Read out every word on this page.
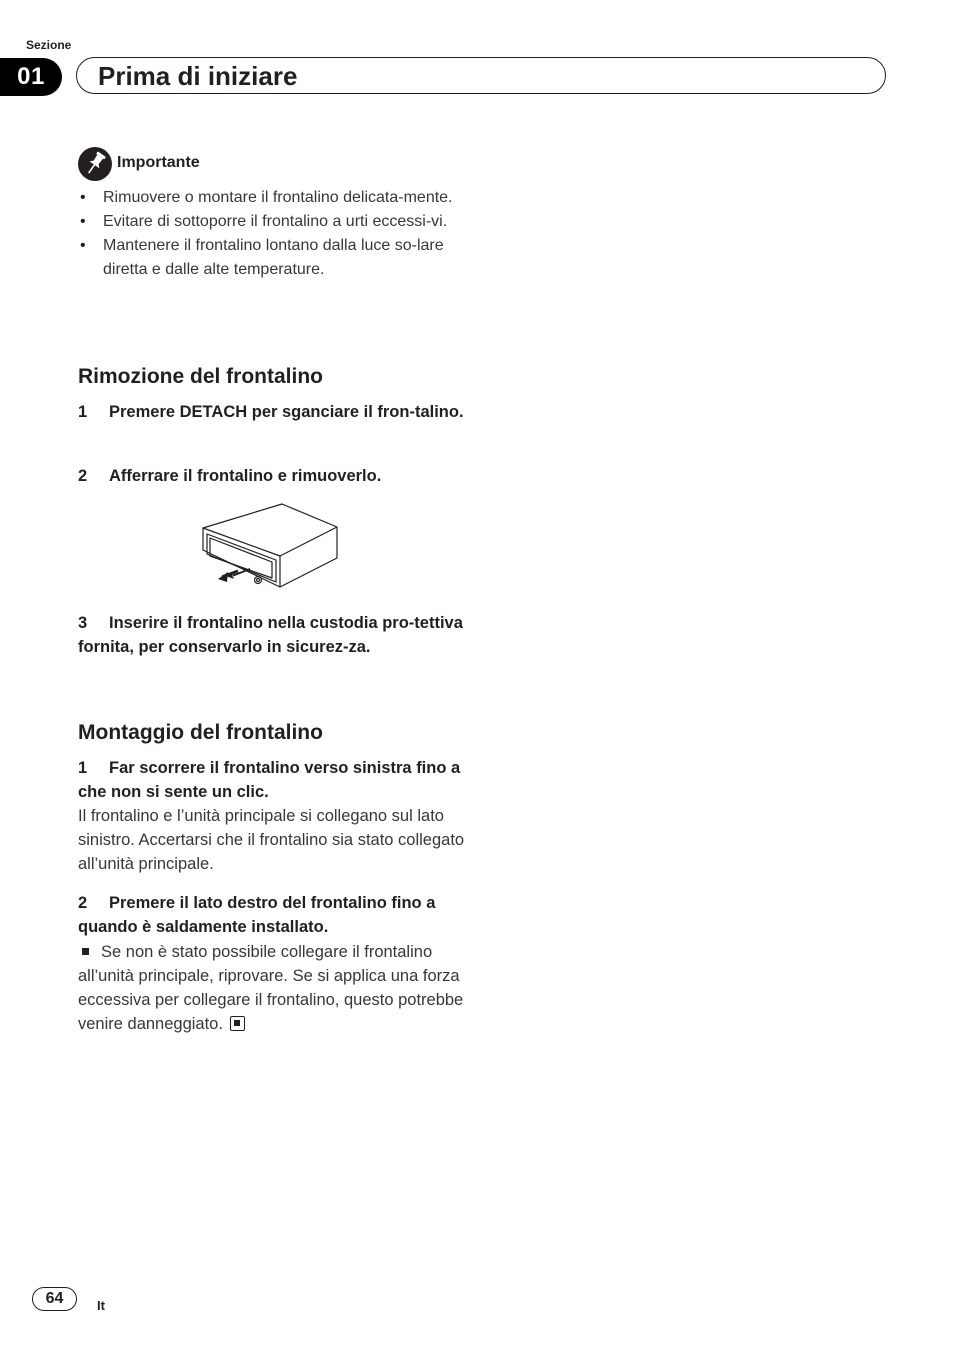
Sezione
01	Prima di iniziare
Importante
• Rimuovere o montare il frontalino delicata-mente.
• Evitare di sottoporre il frontalino a urti eccessi-vi.
• Mantenere il frontalino lontano dalla luce so-lare diretta e dalle alte temperature.
Rimozione del frontalino
1 Premere DETACH per sganciare il fron-talino.
2 Afferrare il frontalino e rimuoverlo.
3 Inserire il frontalino nella custodia pro-tettiva fornita, per conservarlo in sicurez-za.
Montaggio del frontalino
1 Far scorrere il frontalino verso sinistra fino a che non si sente un clic.
Il frontalino e l’unità principale si collegano sul lato sinistro. Accertarsi che il frontalino sia stato collegato all’unità principale.
2 Premere il lato destro del frontalino fino a quando è saldamente installato.
Se non è stato possibile collegare il frontalino all’unità principale, riprovare. Se si applica una forza eccessiva per collegare il frontalino, questo potrebbe venire danneggiato.
64	It
